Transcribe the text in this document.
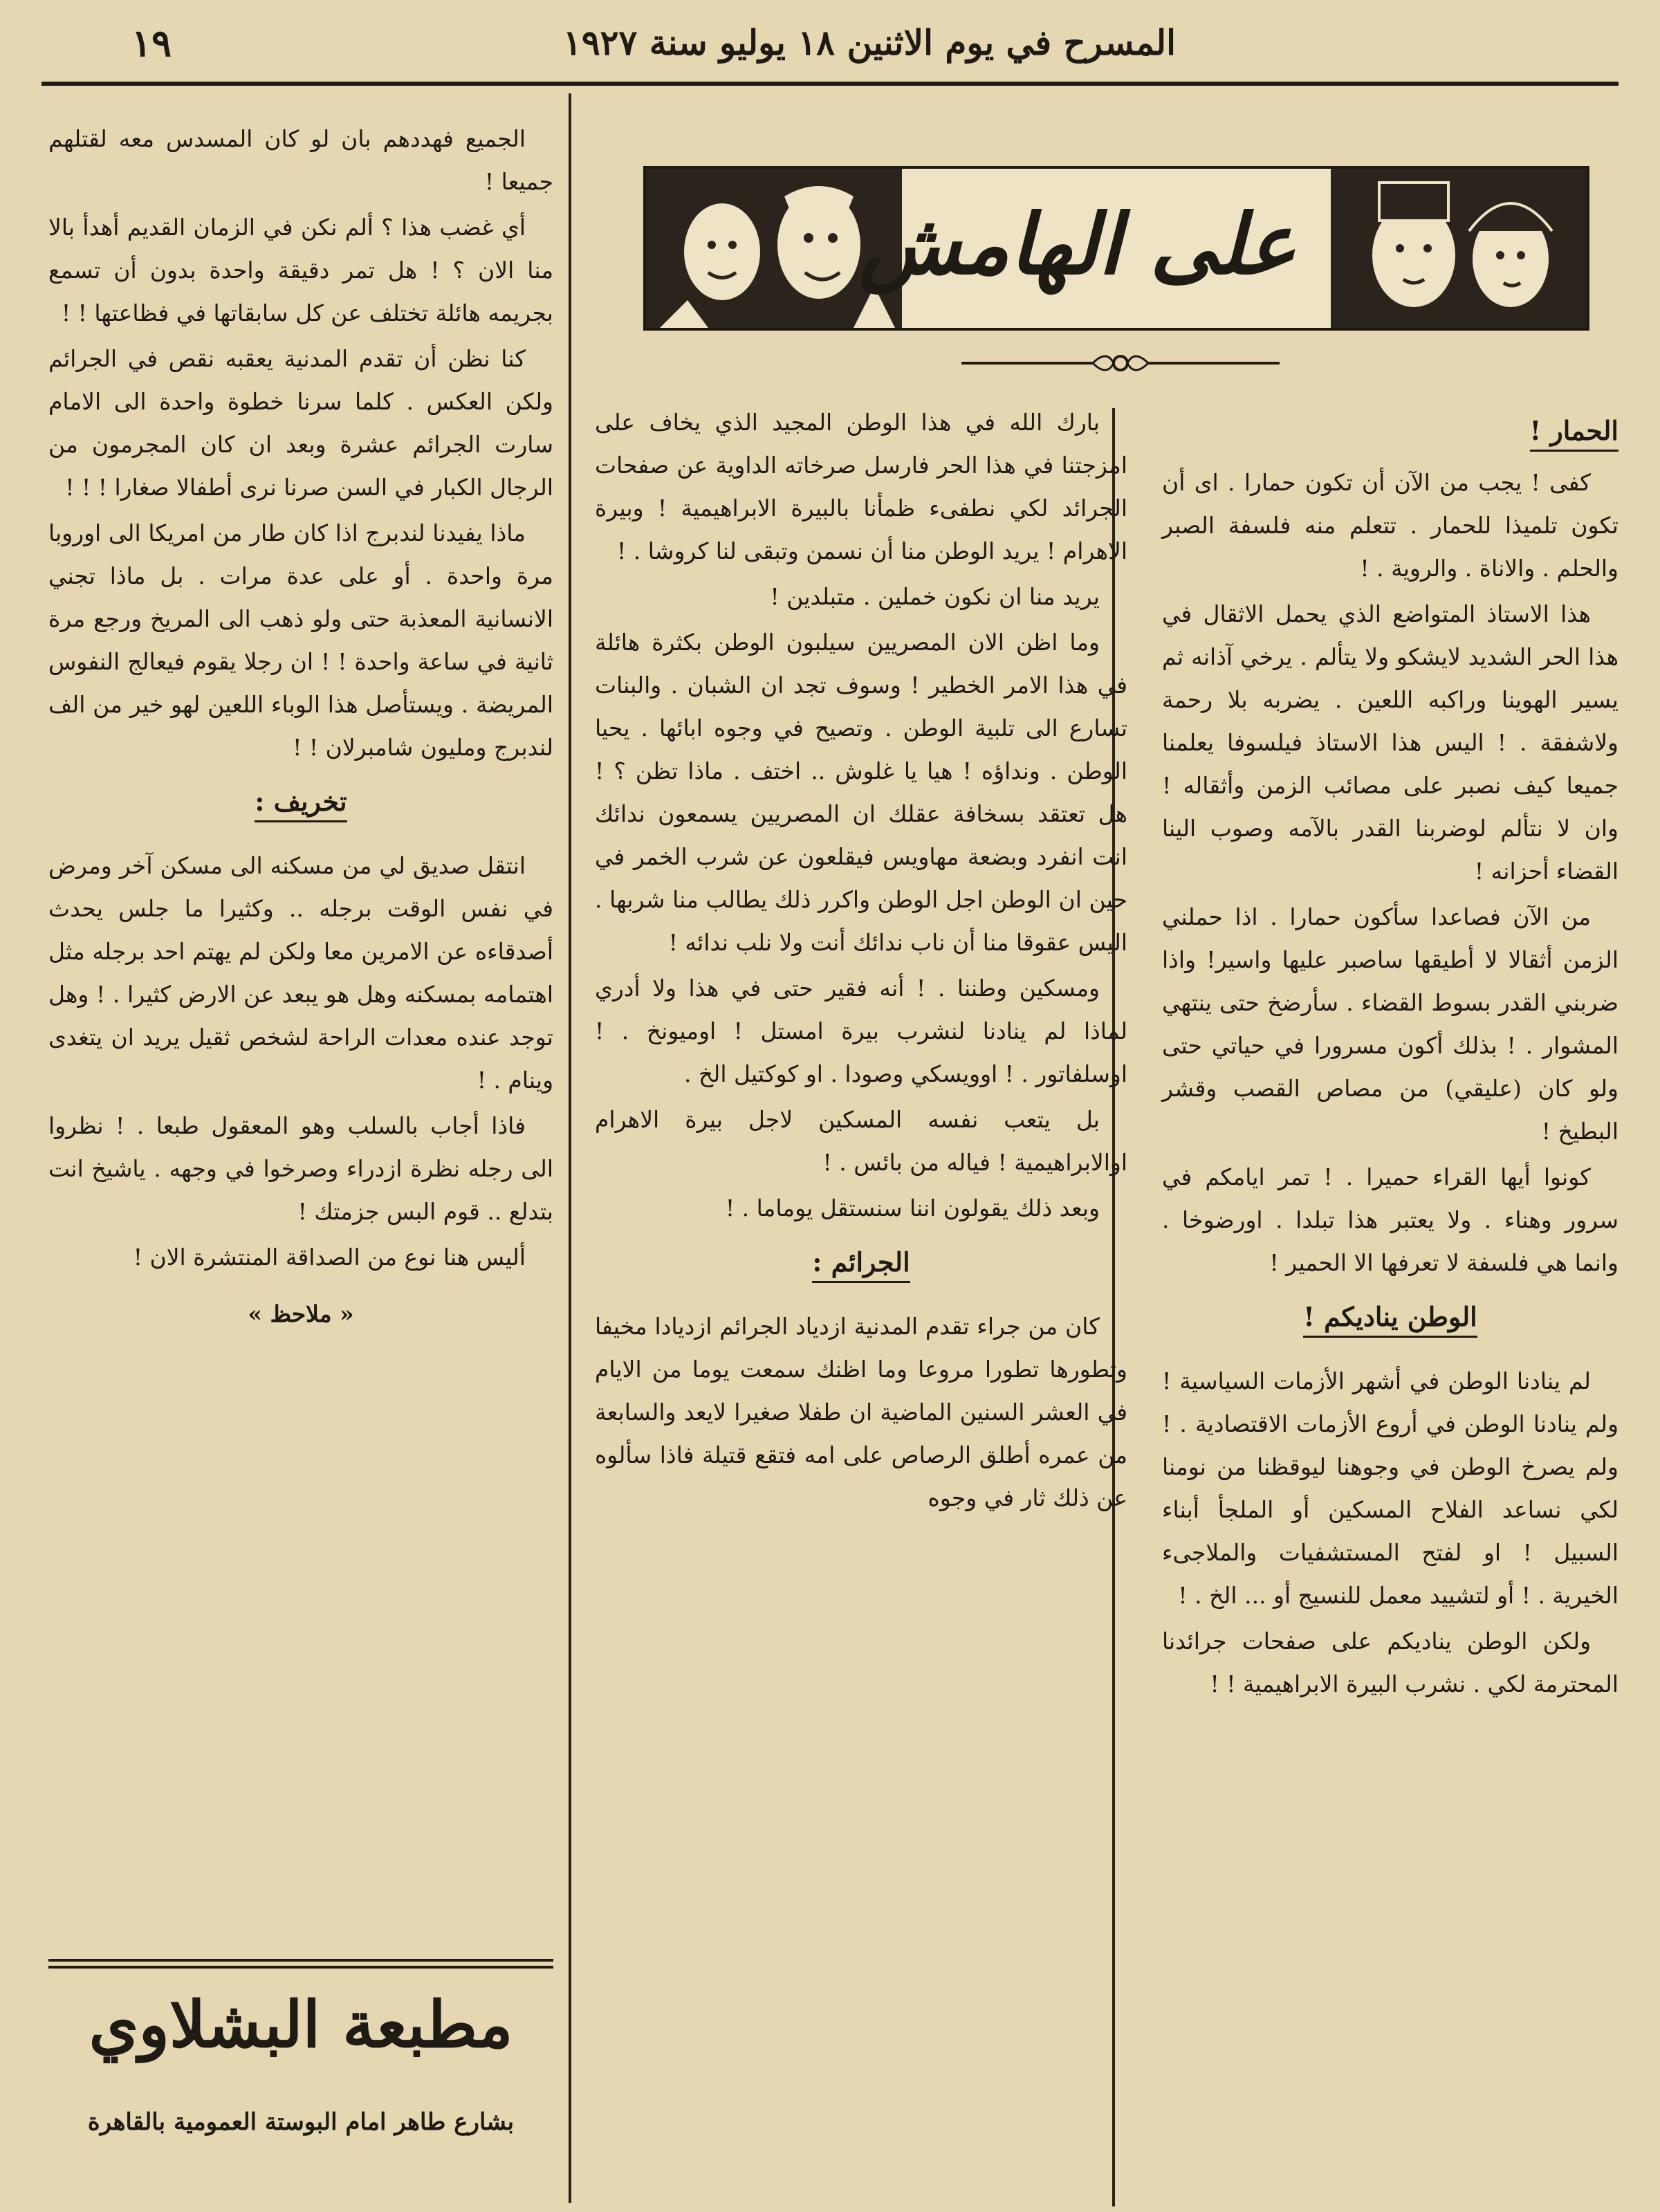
١٩	المسرح في يوم الاثنين ١٨ يوليو سنة ١٩٢٧
على الهامش
الحمار !

كفى ! يجب من الآن أن تكون حمارا . اى أن تكون تلميذا للحمار . تتعلم منه فلسفة الصبر والحلم . والاناة . والروية . !

هذا الاستاذ المتواضع الذي يحمل الاثقال في هذا الحر الشديد لايشكو ولا يتألم . يرخي آذانه ثم يسير الهوينا وراكبه اللعين . يضربه بلا رحمة ولاشفقة . ! اليس هذا الاستاذ فيلسوفا يعلمنا جميعا كيف نصبر على مصائب الزمن وأثقاله ! وان لا نتألم لوضربنا القدر بالآمه وصوب الينا القضاء أحزانه !

من الآن فصاعدا سأكون حمارا . اذا حملني الزمن أثقالا لا أطيقها ساصبر عليها واسير! واذا ضربني القدر بسوط القضاء . سأرضخ حتى ينتهي المشوار . ! بذلك أكون مسرورا في حياتي حتى ولو كان (عليقي) من مصاص القصب وقشر البطيخ !

كونوا أيها القراء حميرا . ! تمر ايامكم في سرور وهناء . ولا يعتبر هذا تبلدا . اورضوخا . وانما هي فلسفة لا تعرفها الا الحمير !

الوطن يناديكم !

لم ينادنا الوطن في أشهر الأزمات السياسية ! ولم ينادنا الوطن في أروع الأزمات الاقتصادية . ! ولم يصرخ الوطن في وجوهنا ليوقظنا من نومنا لكي نساعد الفلاح المسكين أو الملجأ أبناء السبيل ! او لفتح المستشفيات والملاجىء الخيرية . ! أو لتشييد معمل للنسيج أو ... الخ . !

ولكن الوطن يناديكم على صفحات جرائدنا المحترمة لكي . نشرب البيرة الابراهيمية ! !

بارك الله في هذا الوطن المجيد الذي يخاف على امزجتنا في هذا الحر فارسل صرخاته الداوية عن صفحات الجرائد لكي نطفىء ظمأنا بالبيرة الابراهيمية ! وبيرة الاهرام ! يريد الوطن منا أن نسمن وتبقى لنا كروشا . !

يريد منا ان نكون خملين . متبلدين !

وما اظن الان المصريين سيلبون الوطن بكثرة هائلة في هذا الامر الخطير ! وسوف تجد ان الشبان . والبنات تسارع الى تلبية الوطن . وتصيح في وجوه ابائها . يحيا الوطن . ونداؤه ! هيا يا غلوش .. اختف . ماذا تظن ؟ ! هل تعتقد بسخافة عقلك ان المصريين يسمعون ندائك انت انفرد وبضعة مهاويس فيقلعون عن شرب الخمر في حين ان الوطن اجل الوطن واكرر ذلك يطالب منا شربها . اليس عقوقا منا أن ناب ندائك أنت ولا نلب ندائه !

ومسكين وطننا . ! أنه فقير حتى في هذا ولا أدري لماذا لم ينادنا لنشرب بيرة امستل ! اوميونخ . ! اوسلفاتور . ! اوويسكي وصودا . او كوكتيل الخ .

بل يتعب نفسه المسكين لاجل بيرة الاهرام اوالابراهيمية ! فياله من بائس . !

وبعد ذلك يقولون اننا سنستقل يوماما . !

الجرائم :

كان من جراء تقدم المدنية ازدياد الجرائم ازديادا مخيفا وتطورها تطورا مروعا وما اظنك سمعت يوما من الايام في العشر السنين الماضية ان طفلا صغيرا لايعد والسابعة من عمره أطلق الرصاص على امه فتقع قتيلة فاذا سألوه عن ذلك ثار في وجوه

الجميع فهددهم بان لو كان المسدس معه لقتلهم جميعا !

أي غضب هذا ؟ ألم نكن في الزمان القديم أهدأ بالا منا الان ؟ ! هل تمر دقيقة واحدة بدون أن تسمع بجريمه هائلة تختلف عن كل سابقاتها في فظاعتها ! !

كنا نظن أن تقدم المدنية يعقبه نقص في الجرائم ولكن العكس . كلما سرنا خطوة واحدة الى الامام سارت الجرائم عشرة وبعد ان كان المجرمون من الرجال الكبار في السن صرنا نرى أطفالا صغارا ! ! !

ماذا يفيدنا لندبرج اذا كان طار من امريكا الى اوروبا مرة واحدة . أو على عدة مرات . بل ماذا تجني الانسانية المعذبة حتى ولو ذهب الى المريخ ورجع مرة ثانية في ساعة واحدة ! ! ان رجلا يقوم فيعالج النفوس المريضة . ويستأصل هذا الوباء اللعين لهو خير من الف لندبرج ومليون شامبرلان ! !

تخريف :

انتقل صديق لي من مسكنه الى مسكن آخر ومرض في نفس الوقت برجله .. وكثيرا ما جلس يحدث أصدقاءه عن الامرين معا ولكن لم يهتم احد برجله مثل اهتمامه بمسكنه وهل هو يبعد عن الارض كثيرا . ! وهل توجد عنده معدات الراحة لشخص ثقيل يريد ان يتغدى وينام . !

فاذا أجاب بالسلب وهو المعقول طبعا . ! نظروا الى رجله نظرة ازدراء وصرخوا في وجهه . ياشيخ انت بتدلع .. قوم البس جزمتك !

أليس هنا نوع من الصداقة المنتشرة الان !

« ملاحظ »
مطبعة البشلاوي
بشارع طاهر امام البوستة العمومية بالقاهرة
